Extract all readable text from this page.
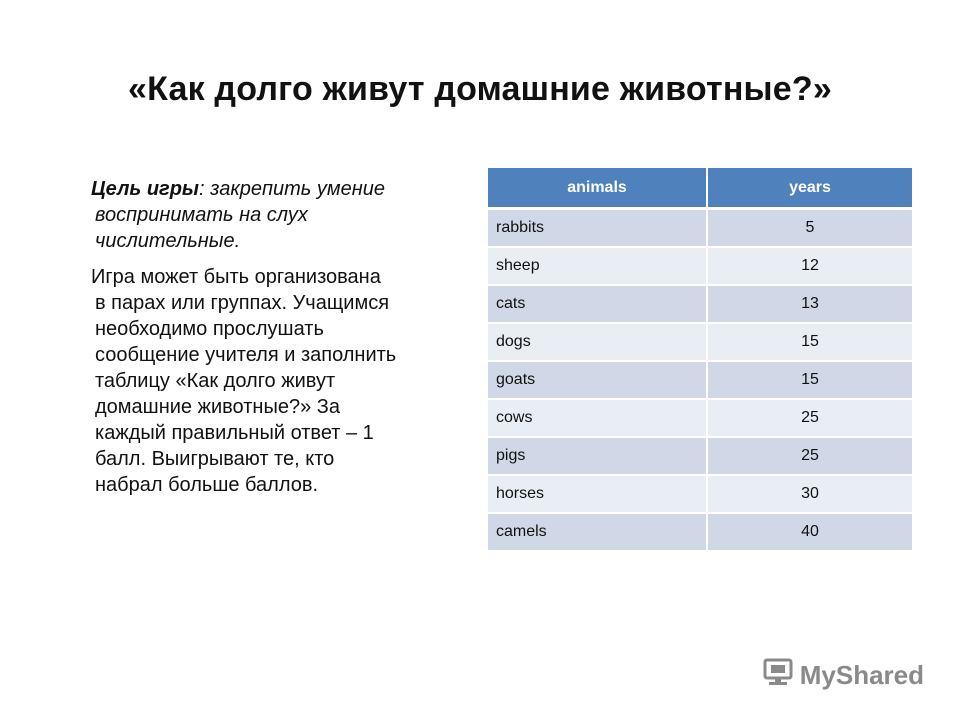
«Как долго живут домашние животные?»

Цель игры: закрепить умение
воспринимать на слух
числительные.

Игра может быть организована
в парах или группах. Учащимся
необходимо прослушать
сообщение учителя и заполнить
таблицу «Как долго живут
домашние животные?» За
каждый правильный ответ – 1
балл. Выигрывают те, кто
набрал больше баллов.

animals	years
rabbits	5
sheep	12
cats	13
dogs	15
goats	15
cows	25
pigs	25
horses	30
camels	40
MyShared
